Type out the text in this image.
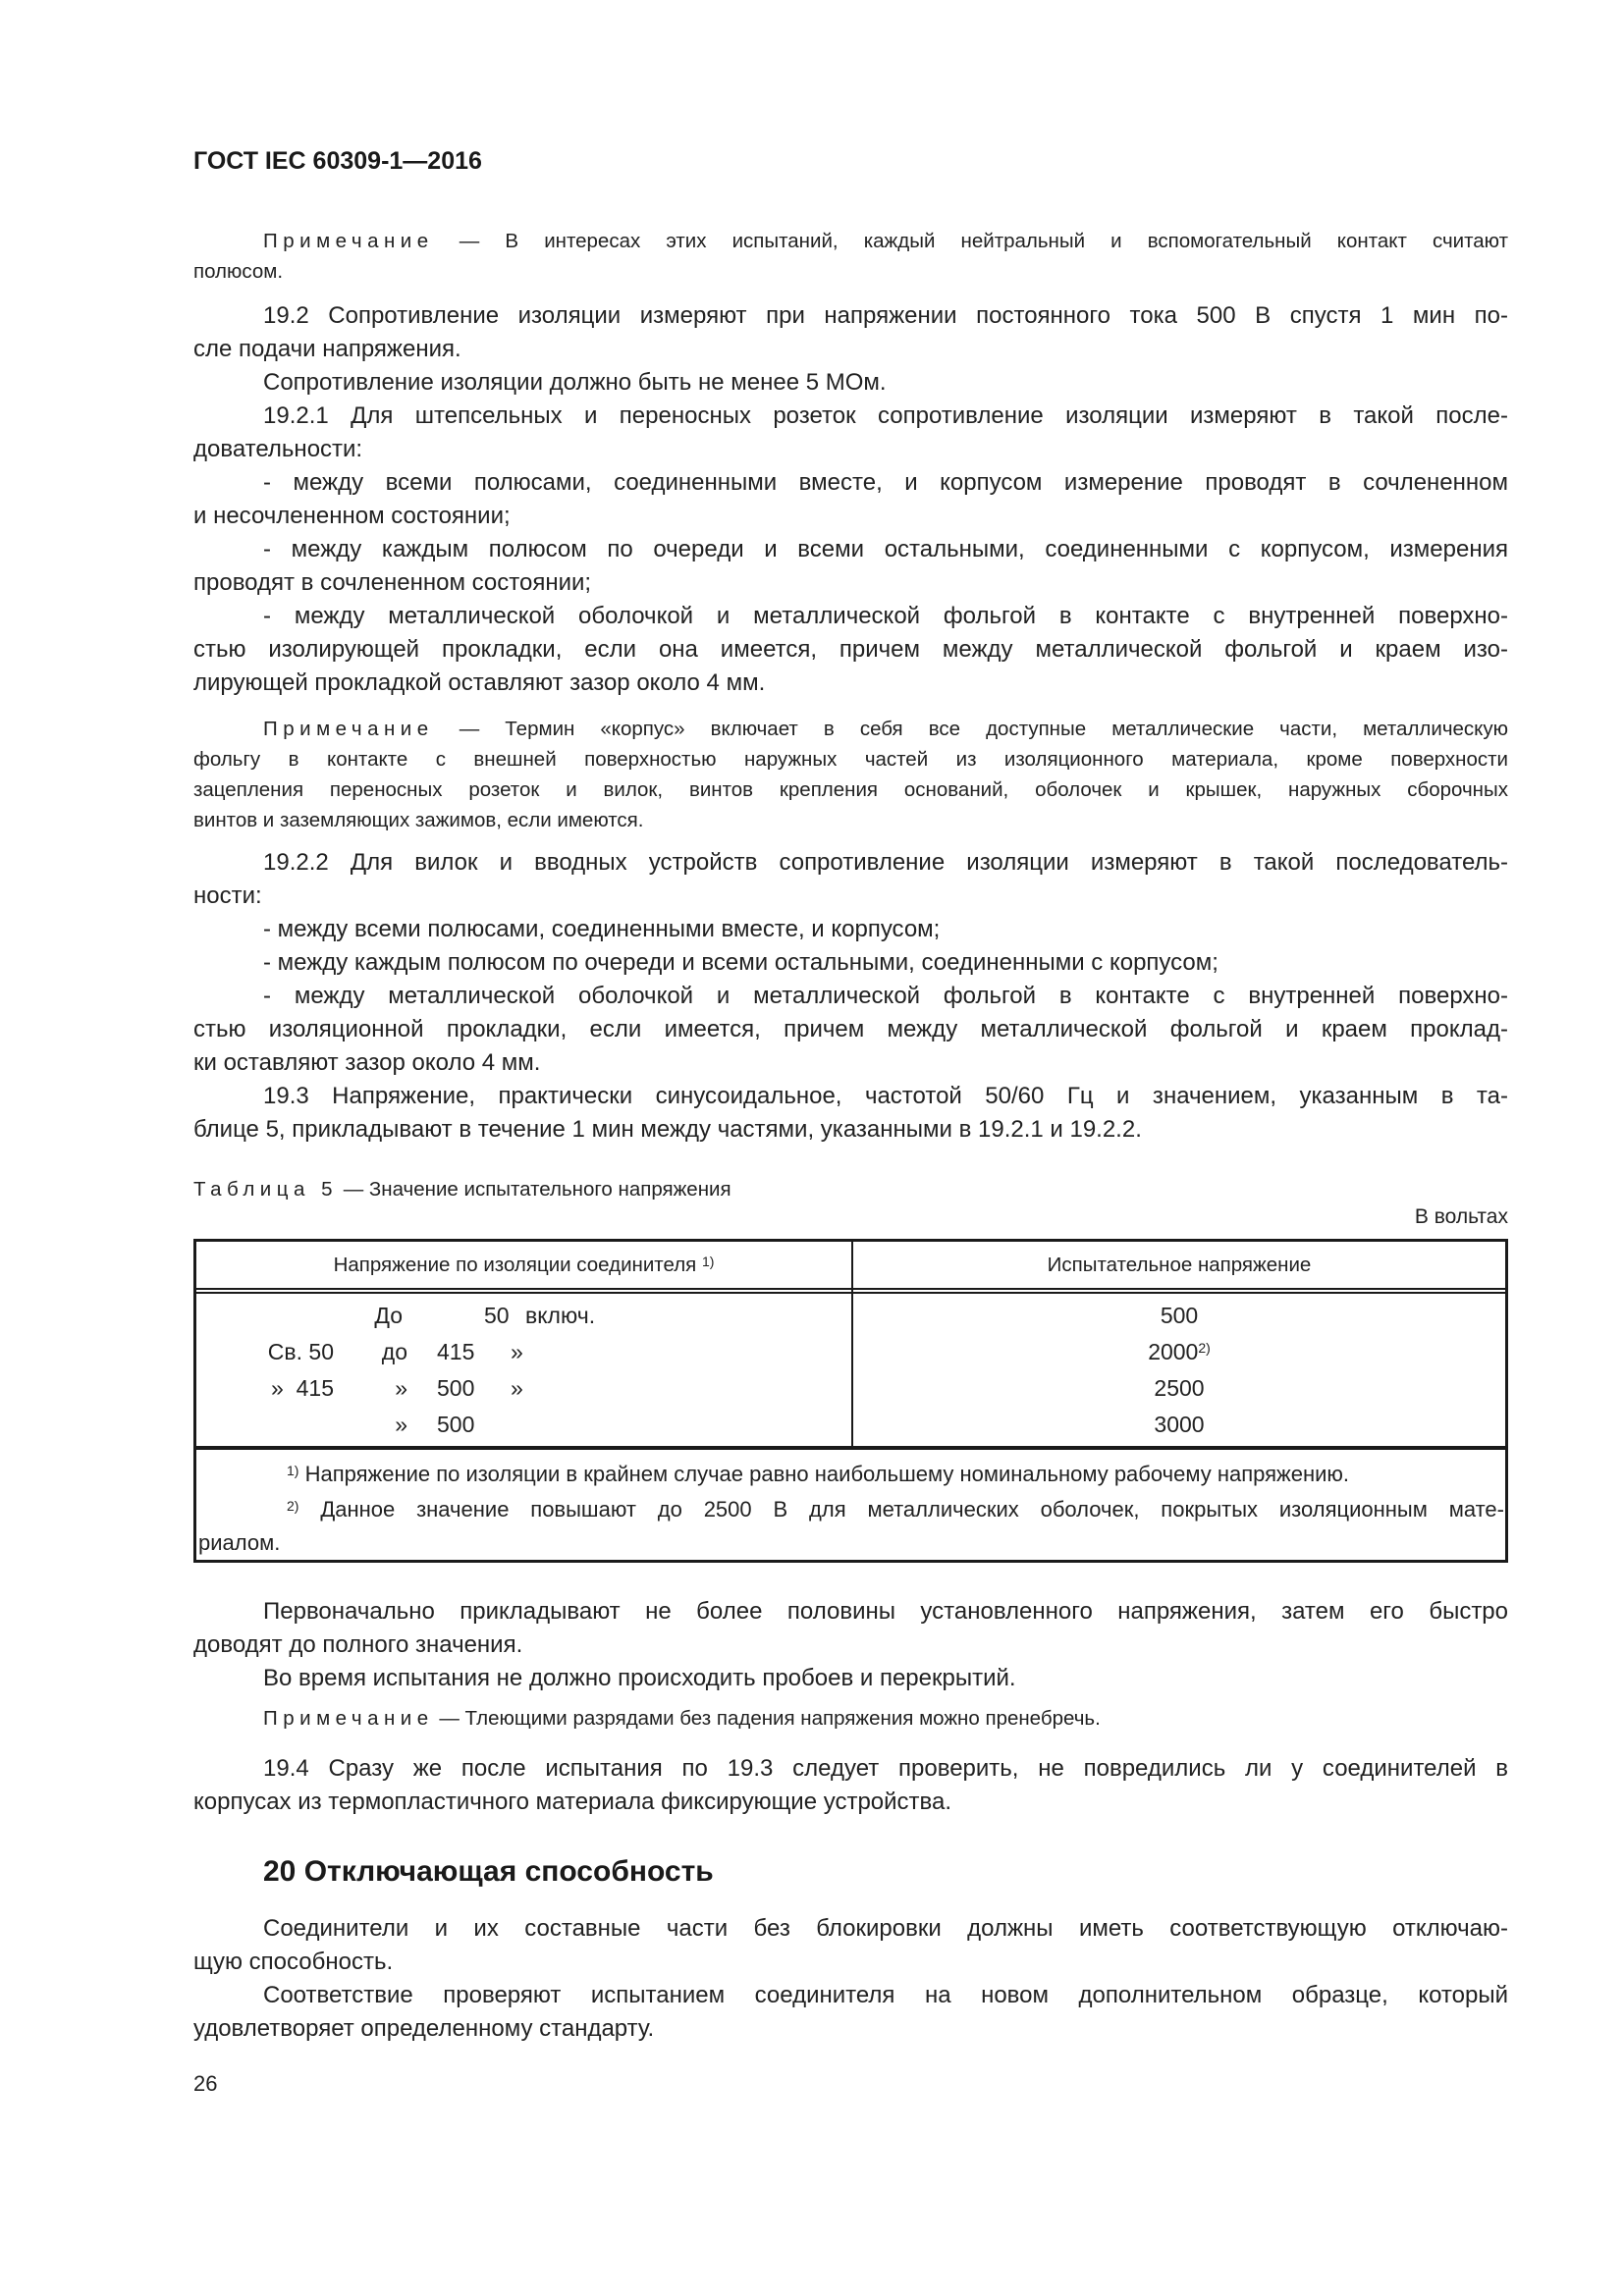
ГОСТ IEC 60309-1—2016
Примечание — В интересах этих испытаний, каждый нейтральный и вспомогательный контакт считают
полюсом.
19.2 Сопротивление изоляции измеряют при напряжении постоянного тока 500 В спустя 1 мин по-
сле подачи напряжения.
Сопротивление изоляции должно быть не менее 5 МОм.
19.2.1 Для штепсельных и переносных розеток сопротивление изоляции измеряют в такой после-
довательности:
- между всеми полюсами, соединенными вместе, и корпусом измерение проводят в сочлененном
и несочлененном состоянии;
- между каждым полюсом по очереди и всеми остальными, соединенными с корпусом, измерения
проводят в сочлененном состоянии;
- между металлической оболочкой и металлической фольгой в контакте с внутренней поверхно-
стью изолирующей прокладки, если она имеется, причем между металлической фольгой и краем изо-
лирующей прокладкой оставляют зазор около 4 мм.
Примечание — Термин «корпус» включает в себя все доступные металлические части, металлическую
фольгу в контакте с внешней поверхностью наружных частей из изоляционного материала, кроме поверхности
зацепления переносных розеток и вилок, винтов крепления оснований, оболочек и крышек, наружных сборочных
винтов и заземляющих зажимов, если имеются.
19.2.2 Для вилок и вводных устройств сопротивление изоляции измеряют в такой последователь-
ности:
- между всеми полюсами, соединенными вместе, и корпусом;
- между каждым полюсом по очереди и всеми остальными, соединенными с корпусом;
- между металлической оболочкой и металлической фольгой в контакте с внутренней поверхно-
стью изоляционной прокладки, если имеется, причем между металлической фольгой и краем проклад-
ки оставляют зазор около 4 мм.
19.3 Напряжение, практически синусоидальное, частотой 50/60 Гц и значением, указанным в та-
блице 5, прикладывают в течение 1 мин между частями, указанными в 19.2.1 и 19.2.2.
Таблица 5 — Значение испытательного напряжения
В вольтах
Напряжение по изоляции соединителя $^{1)}$	Испытательное напряжение
До	50 включ.	500
Св. 50	до 415 »	2000$^{2)}$
»  415	» 500 »	2500
» 500	3000
$^{1)}$ Напряжение по изоляции в крайнем случае равно наибольшему номинальному рабочему напряжению.
$^{2)}$ Данное значение повышают до 2500 В для металлических оболочек, покрытых изоляционным мате-
риалом.
Первоначально прикладывают не более половины установленного напряжения, затем его быстро
доводят до полного значения.
Во время испытания не должно происходить пробоев и перекрытий.
Примечание — Тлеющими разрядами без падения напряжения можно пренебречь.
19.4 Сразу же после испытания по 19.3 следует проверить, не повредились ли у соединителей в
корпусах из термопластичного материала фиксирующие устройства.
20 Отключающая способность
Соединители и их составные части без блокировки должны иметь соответствующую отключаю-
щую способность.
Соответствие проверяют испытанием соединителя на новом дополнительном образце, который
удовлетворяет определенному стандарту.
26
